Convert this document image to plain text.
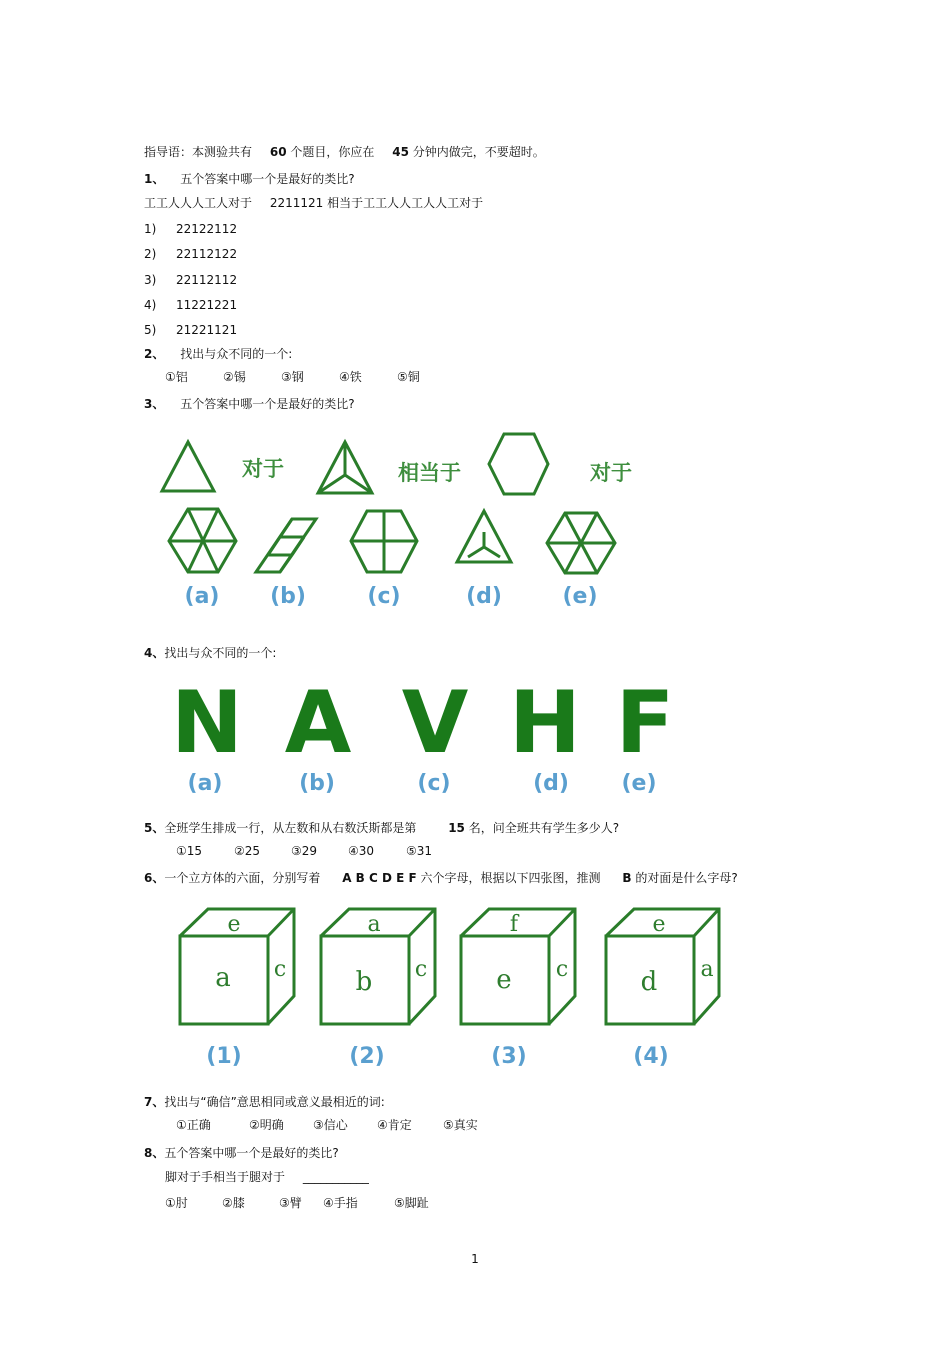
指导语：本测验共有 60 个题目，你应在 45 分钟内做完，不要超时。
1、 五个答案中哪一个是最好的类比?
工工人人人工人对于 2211121 相当于工工人人工人人工对于
1) 22122112
2) 22112122
3) 22112112
4) 11221221
5) 21221121
2、 找出与众不同的一个:
①铝	②锡	③钢	④铁	⑤铜
3、 五个答案中哪一个是最好的类比?
对于	相当于	对于
(a) (b)	(c)	(d)	(e)
4、找出与众不同的一个:
N A V H F
(a)	(b)	(c)	(d) (e)
5、全班学生排成一行，从左数和从右数沃斯都是第	15 名，问全班共有学生多少人?
①15	②25	③29	④30	⑤31
6、一个立方体的六面，分别写着 A B C D E F 六个字母，根据以下四张图，推测 B 的对面是什么字母?
e
a c
a
b c
f
e c
e
d a
(1)	(2)	(3)	(4)
7、找出与“确信”意思相同或意义最相近的词:
①正确	②明确 ③信心 ④肯定	⑤真实
8、五个答案中哪一个是最好的类比?
脚对于手相当于腿对于 ___________
①肘	②膝	③臂 ④手指	⑤脚趾
1
